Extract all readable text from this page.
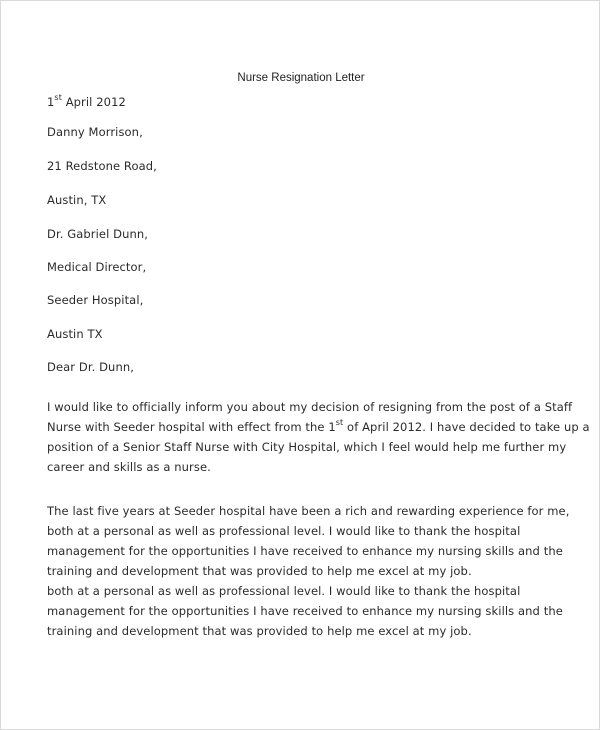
Nurse Resignation Letter
1st April 2012
Danny Morrison,
21 Redstone Road,
Austin, TX
Dr. Gabriel Dunn,
Medical Director,
Seeder Hospital,
Austin TX
Dear Dr. Dunn,
I would like to officially inform you about my decision of resigning from the post of a Staff
Nurse with Seeder hospital with effect from the 1st of April 2012. I have decided to take up a
position of a Senior Staff Nurse with City Hospital, which I feel would help me further my
career and skills as a nurse.
The last five years at Seeder hospital have been a rich and rewarding experience for me,
both at a personal as well as professional level. I would like to thank the hospital
management for the opportunities I have received to enhance my nursing skills and the
training and development that was provided to help me excel at my job.
both at a personal as well as professional level. I would like to thank the hospital
management for the opportunities I have received to enhance my nursing skills and the
training and development that was provided to help me excel at my job.
